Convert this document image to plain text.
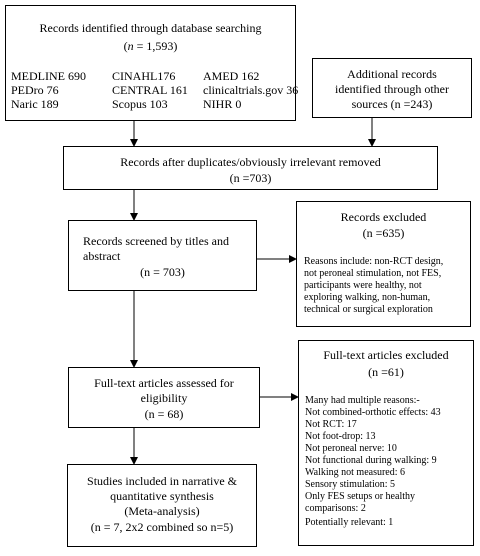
Records identified through database searching
(n = 1,593)
MEDLINE 690 CINAHL176 AMED 162
PEDro 76	CENTRAL 161 clinicaltrials.gov 36
Naric 189	Scopus 103	NIHR 0
Additional records
identified through other
sources (n =243)
Records after duplicates/obviously irrelevant removed
(n =703)
Records screened by titles and
abstract
(n = 703)
Records excluded
(n =635)
Reasons include: non-RCT design,
not peroneal stimulation, not FES,
participants were healthy, not
exploring walking, non-human,
technical or surgical exploration
Full-text articles assessed for
eligibility
(n = 68)
Full-text articles excluded
(n =61)
Many had multiple reasons:-
Not combined-orthotic effects: 43
Not RCT: 17
Not foot-drop: 13
Not peroneal nerve: 10
Not functional during walking: 9
Walking not measured: 6
Sensory stimulation: 5
Only FES setups or healthy
comparisons: 2
Potentially relevant: 1
Studies included in narrative &
quantitative synthesis
(Meta-analysis)
(n = 7, 2x2 combined so n=5)
